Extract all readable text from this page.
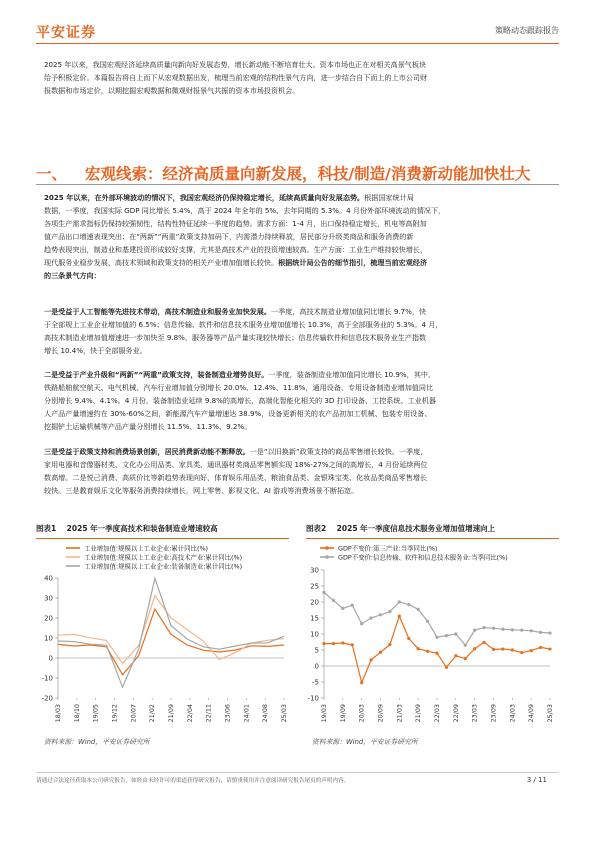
平安证券	策略动态跟踪报告
2025 年以来，我国宏观经济延续高质量向新向好发展态势，增长新动能不断培育壮大。资本市场也正在对相关高景气板块
给予积极定价。本篇报告将自上而下从宏观数据出发，梳理当前宏观的结构性景气方向，进一步结合自下而上的上市公司财
报数据和市场定价，以期挖掘宏观数据和微观财报景气共振的资本市场投资机会。
一、 宏观线索：经济高质量向新发展，科技/制造/消费新动能加快壮大
2025 年以来，在外部环境波动的情况下，我国宏观经济仍保持稳定增长，延续高质量向好发展态势。根据国家统计局
数据，一季度，我国实际 GDP 同比增长 5.4%，高于 2024 年全年的 5%、去年同期的 5.3%。4 月份外部环境波动的情况下，
各项生产需求指标仍保持较强韧性，结构性特征延续一季度的趋势。需求方面：1-4 月，出口保持稳定增长，机电等高附加
值产品出口增速表现突出；在“两新”“两重”政策支持加码下，内需潜力持续释放，居民部分升级类商品和服务消费的新
趋势表现突出，制造业和基建投资形成较好支撑，尤其是高技术产业的投资增速较高。生产方面：工业生产维持较快增长，
现代服务业稳步发展，高技术领域和政策支持的相关产业增加值增长较快。根据统计局公告的细节指引，梳理当前宏观经济
的三条景气方向：
一是受益于人工智能等先进技术带动，高技术制造业和服务业加快发展。一季度，高技术制造业增加值同比增长 9.7%，快
于全部规上工业企业增加值的 6.5%；信息传输、软件和信息技术服务业增加值增长 10.3%，高于全部服务业的 5.3%。4 月，
高技术制造业增加值增速进一步加快至 9.8%，服务器等产品产量实现较快增长；信息传输软件和信息技术服务业生产指数
增长 10.4%，快于全部服务业。
二是受益于产业升级和“两新”“两重”政策支持，装备制造业增势良好。一季度，装备制造业增加值同比增长 10.9%，其中，
铁路船舶航空航天、电气机械、汽车行业增加值分别增长 20.0%、12.4%、11.8%，通用设备、专用设备制造业增加值同比
分别增长 9.4%、4.1%。4 月份，装备制造业延续 9.8%的高增长，高端化智能化相关的 3D 打印设备、工控系统、工业机器
人产品产量增速约在 30%-60%之间，新能源汽车产量增速达 38.9%，设备更新相关的农产品初加工机械、包装专用设备、
挖掘铲土运输机械等产品产量分别增长 11.5%、11.3%、9.2%。
三是受益于政策支持和消费场景创新，居民消费新动能不断释放。一是“以旧换新”政策支持的商品零售增长较快。一季度，
家用电器和音像器材类、文化办公用品类、家具类、通讯器材类商品零售额实现 18%-27%之间的高增长，4 月份延续两位
数高增。二是悦己消费、高质价比等新趋势表现向好，体育娱乐用品类、粮油食品类、金银珠宝类、化妆品类商品零售增长
较快。三是教育娱乐文化等服务消费持续增长，网上零售、影视文化、AI 游戏等消费场景不断拓宽。
图表1 2025 年一季度高技术和装备制造业增速较高
-20
-10
0
10
20
30
40
18/03 18/10 19/05 19/12 20/07 21/02 21/09 22/04 22/11 23/06 24/01 24/08 25/03
工业增加值:规模以上工业企业:累计同比(%)
工业增加值:规模以上工业企业:高技术产业:累计同比(%)
工业增加值:规模以上工业企业:装备制造业:累计同比(%)
资料来源：Wind，平安证券研究所
图表2 2025 年一季度信息技术服务业增加值增速向上
-10
-5
0
5
10
15
20
25
30
19/03 19/09 20/03 20/09 21/03 21/09 22/03 22/09 23/03 23/09 24/03 24/09 25/03
GDP不变价:第三产业:当季同比(%)
GDP不变价:信息传输、软件和信息技术服务业:当季同比(%)
资料来源：Wind，平安证券研究所
请通过合法途径获取本公司研究报告，如经由未经许可的渠道获得研究报告，请慎重使用并注意阅读研究报告尾页的声明内容。	3 / 11
